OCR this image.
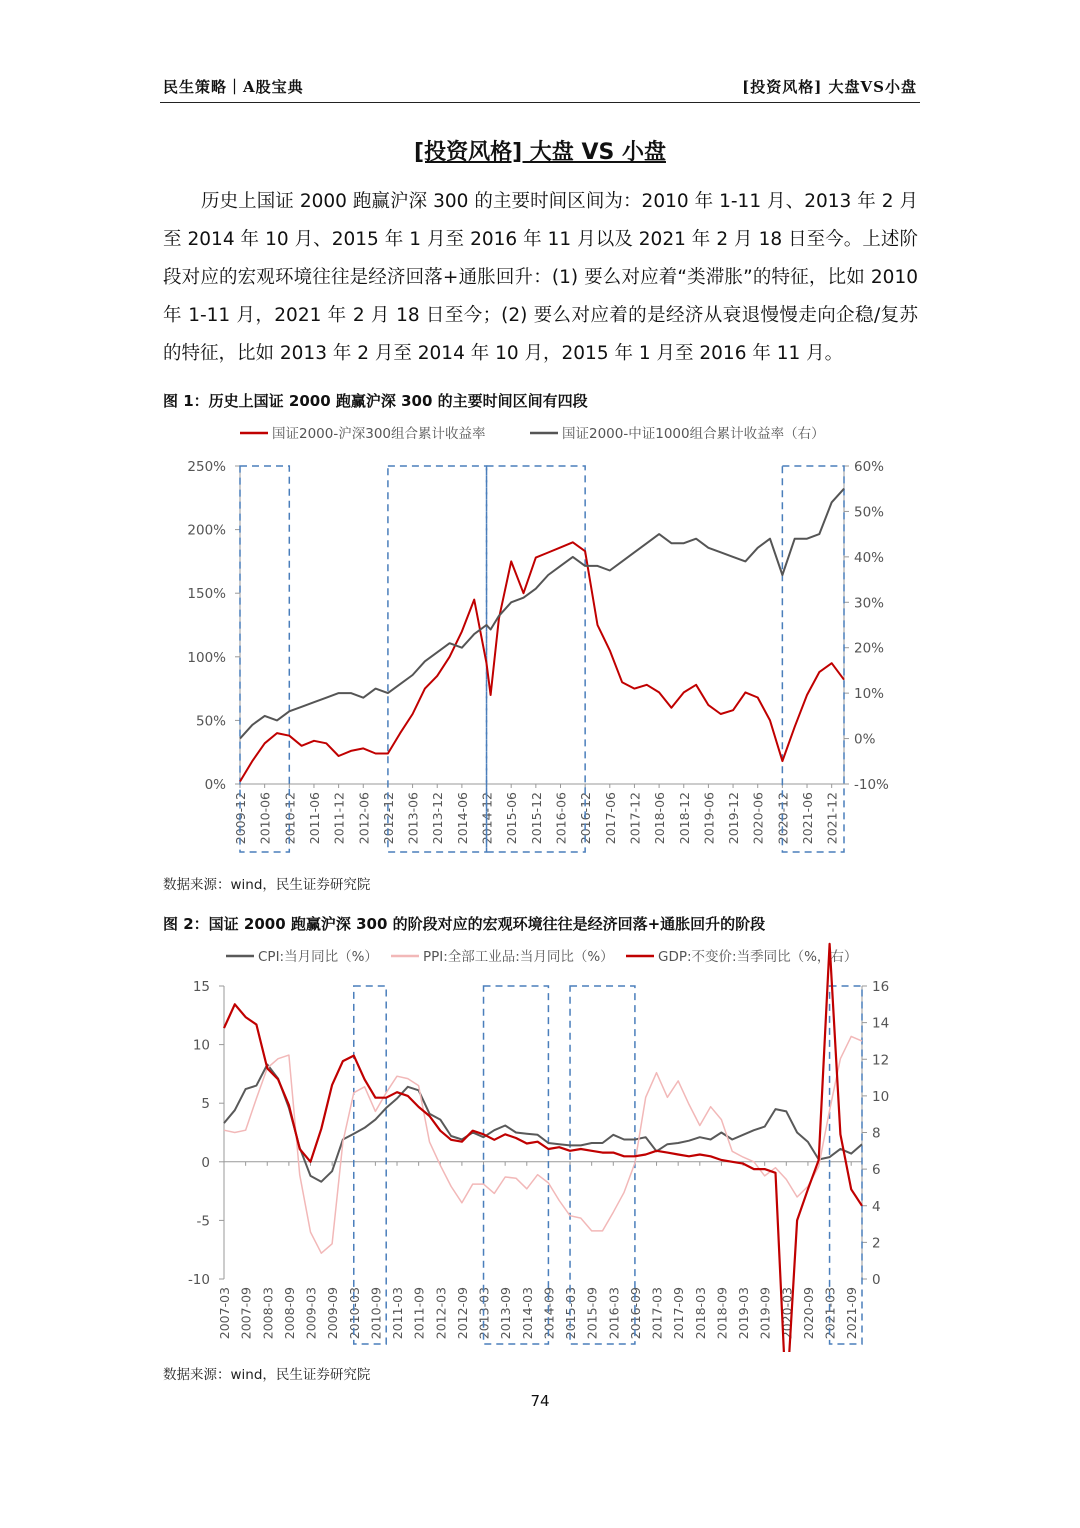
民生策略｜A股宝典	[投资风格] 大盘VS小盘
[投资风格] 大盘 VS 小盘
历史上国证 2000 跑赢沪深 300 的主要时间区间为：2010 年 1-11 月、2013 年 2 月至 2014 年 10 月、2015 年 1 月至 2016 年 11 月以及 2021 年 2 月 18 日至今。上述阶段对应的宏观环境往往是经济回落+通胀回升：(1) 要么对应着“类滞胀”的特征，比如 2010 年 1-11 月，2021 年 2 月 18 日至今；(2) 要么对应着的是经济从衰退慢慢走向企稳/复苏的特征，比如 2013 年 2 月至 2014 年 10 月，2015 年 1 月至 2016 年 11 月。
图 1：历史上国证 2000 跑赢沪深 300 的主要时间区间有四段
国证2000-沪深300组合累计收益率	国证2000-中证1000组合累计收益率（右）
0%
50%
100%
150%
200%
250%
-10%
0%
10%
20%
30%
40%
50%
60%
2009-12 2010-06 2010-12 2011-06 2011-12 2012-06 2012-12 2013-06 2013-12 2014-06 2014-12 2015-06 2015-12 2016-06 2016-12 2017-06 2017-12 2018-06 2018-12 2019-06 2019-12 2020-06 2020-12 2021-06 2021-12
数据来源：wind，民生证券研究院
图 2：国证 2000 跑赢沪深 300 的阶段对应的宏观环境往往是经济回落+通胀回升的阶段
CPI:当月同比（%）	PPI:全部工业品:当月同比（%）	GDP:不变价:当季同比（%，右）
-10
-5
0
5
10
15
0
2
4
6
8
10
12
14
16
2007-03 2007-09 2008-03 2008-09 2009-03 2009-09 2010-03 2010-09 2011-03 2011-09 2012-03 2012-09 2013-03 2013-09 2014-03 2014-09 2015-03 2015-09 2016-03 2016-09 2017-03 2017-09 2018-03 2018-09 2019-03 2019-09 2020-03 2020-09 2021-03 2021-09
数据来源：wind，民生证券研究院
74
